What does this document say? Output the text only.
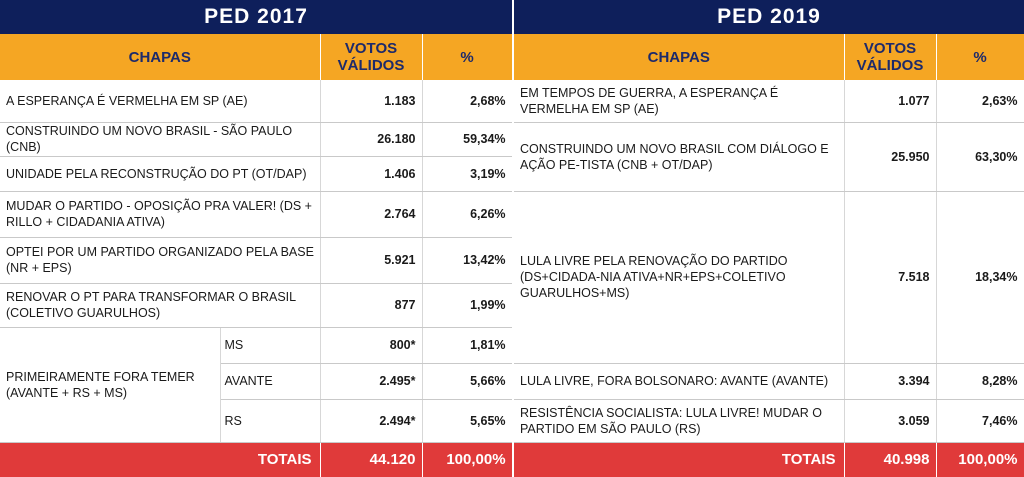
PED 2017			
CHAPAS		VOTOS VÁLIDOS	%
A ESPERANÇA É VERMELHA EM SP (AE)		1.183	2,68%
CONSTRUINDO UM NOVO BRASIL - SÃO PAULO (CNB)		26.180	59,34%
UNIDADE PELA RECONSTRUÇÃO DO PT (OT/DAP)		1.406	3,19%
MUDAR O PARTIDO - OPOSIÇÃO PRA VALER! (DS + RILLO + CIDADANIA ATIVA)		2.764	6,26%
OPTEI POR UM PARTIDO ORGANIZADO PELA BASE (NR + EPS)		5.921	13,42%
RENOVAR O PT PARA TRANSFORMAR O BRASIL (COLETIVO GUARULHOS)		877	1,99%
PRIMEIRAMENTE FORA TEMER (AVANTE + RS + MS)	MS	800*	1,81%
	AVANTE	2.495*	5,66%
	RS	2.494*	5,65%
TOTAIS		44.120	100,00%
PED 2019		
CHAPAS	VOTOS VÁLIDOS	%
EM TEMPOS DE GUERRA, A ESPERANÇA É VERMELHA EM SP (AE)	1.077	2,63%
CONSTRUINDO UM NOVO BRASIL COM DIÁLOGO E AÇÃO PE-TISTA (CNB + OT/DAP)	25.950	63,30%
LULA LIVRE PELA RENOVAÇÃO DO PARTIDO (DS+CIDADA-NIA ATIVA+NR+EPS+COLETIVO GUARULHOS+MS)	7.518	18,34%
LULA LIVRE, FORA BOLSONARO: AVANTE (AVANTE)	3.394	8,28%
RESISTÊNCIA SOCIALISTA: LULA LIVRE! MUDAR O PARTIDO EM SÃO PAULO (RS)	3.059	7,46%
TOTAIS	40.998	100,00%
